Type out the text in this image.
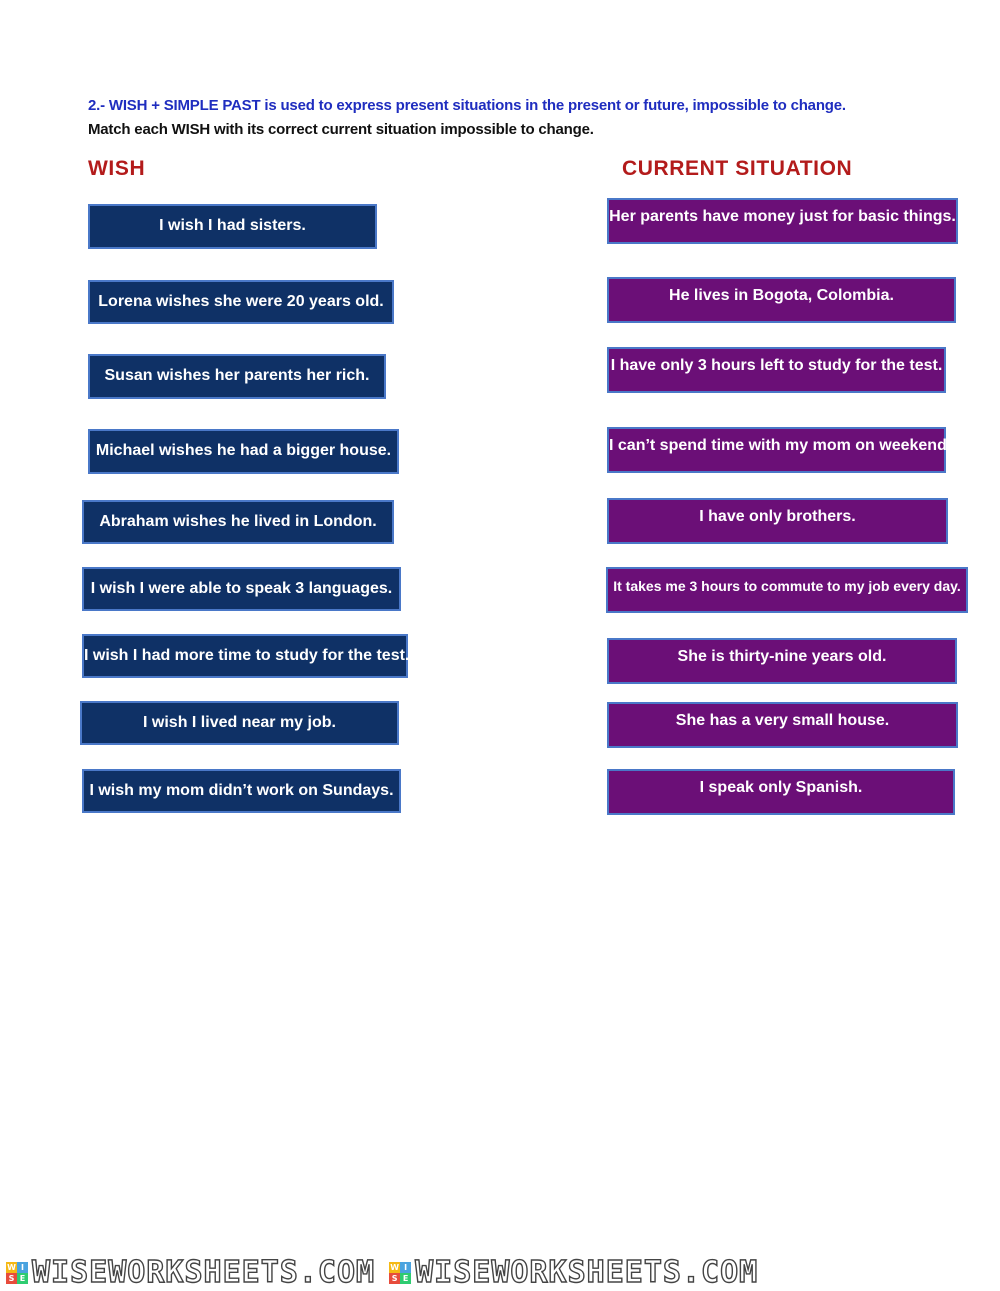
2.- WISH + SIMPLE PAST is used to express present situations in the present or future, impossible to change.
Match each WISH with its correct current situation impossible to change.
WISH	CURRENT SITUATION
I wish I had sisters.
Lorena wishes she were 20 years old.
Susan wishes her parents her rich.
Michael wishes he had a bigger house.
Abraham wishes he lived in London.
I wish I were able to speak 3 languages.
I wish I had more time to study for the test.
I wish I lived near my job.
I wish my mom didn’t work on Sundays.
Her parents have money just for basic things.
He lives in Bogota, Colombia.
I have only 3 hours left to study for the test.
I can’t spend time with my mom on weekends.
I have only brothers.
It takes me 3 hours to commute to my job every day.
She is thirty-nine years old.
She has a very small house.
I speak only Spanish.
W I
S E WISEWORKSHEETS.COM W I
S E WISEWORKSHEETS.COM
